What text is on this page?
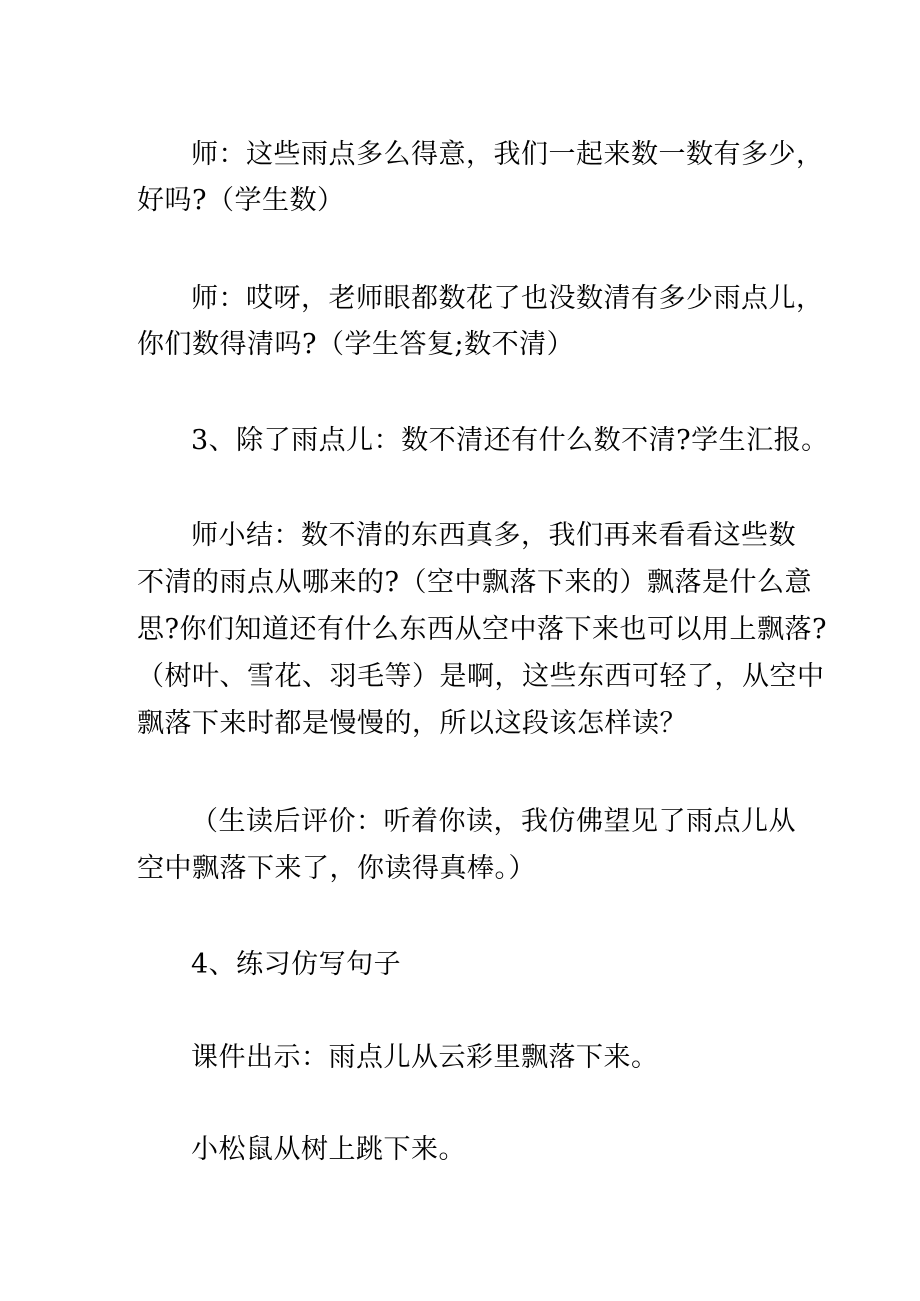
师：这些雨点多么得意，我们一起来数一数有多少，
好吗?（学生数）
师：哎呀，老师眼都数花了也没数清有多少雨点儿，
你们数得清吗?（学生答复;数不清）
3、除了雨点儿：数不清还有什么数不清?学生汇报。
师小结：数不清的东西真多，我们再来看看这些数
不清的雨点从哪来的?（空中飘落下来的）飘落是什么意
思?你们知道还有什么东西从空中落下来也可以用上飘落?
（树叶、雪花、羽毛等）是啊，这些东西可轻了，从空中
飘落下来时都是慢慢的，所以这段该怎样读？
（生读后评价：听着你读，我仿佛望见了雨点儿从
空中飘落下来了，你读得真棒。）
4、练习仿写句子
课件出示：雨点儿从云彩里飘落下来。
小松鼠从树上跳下来。
